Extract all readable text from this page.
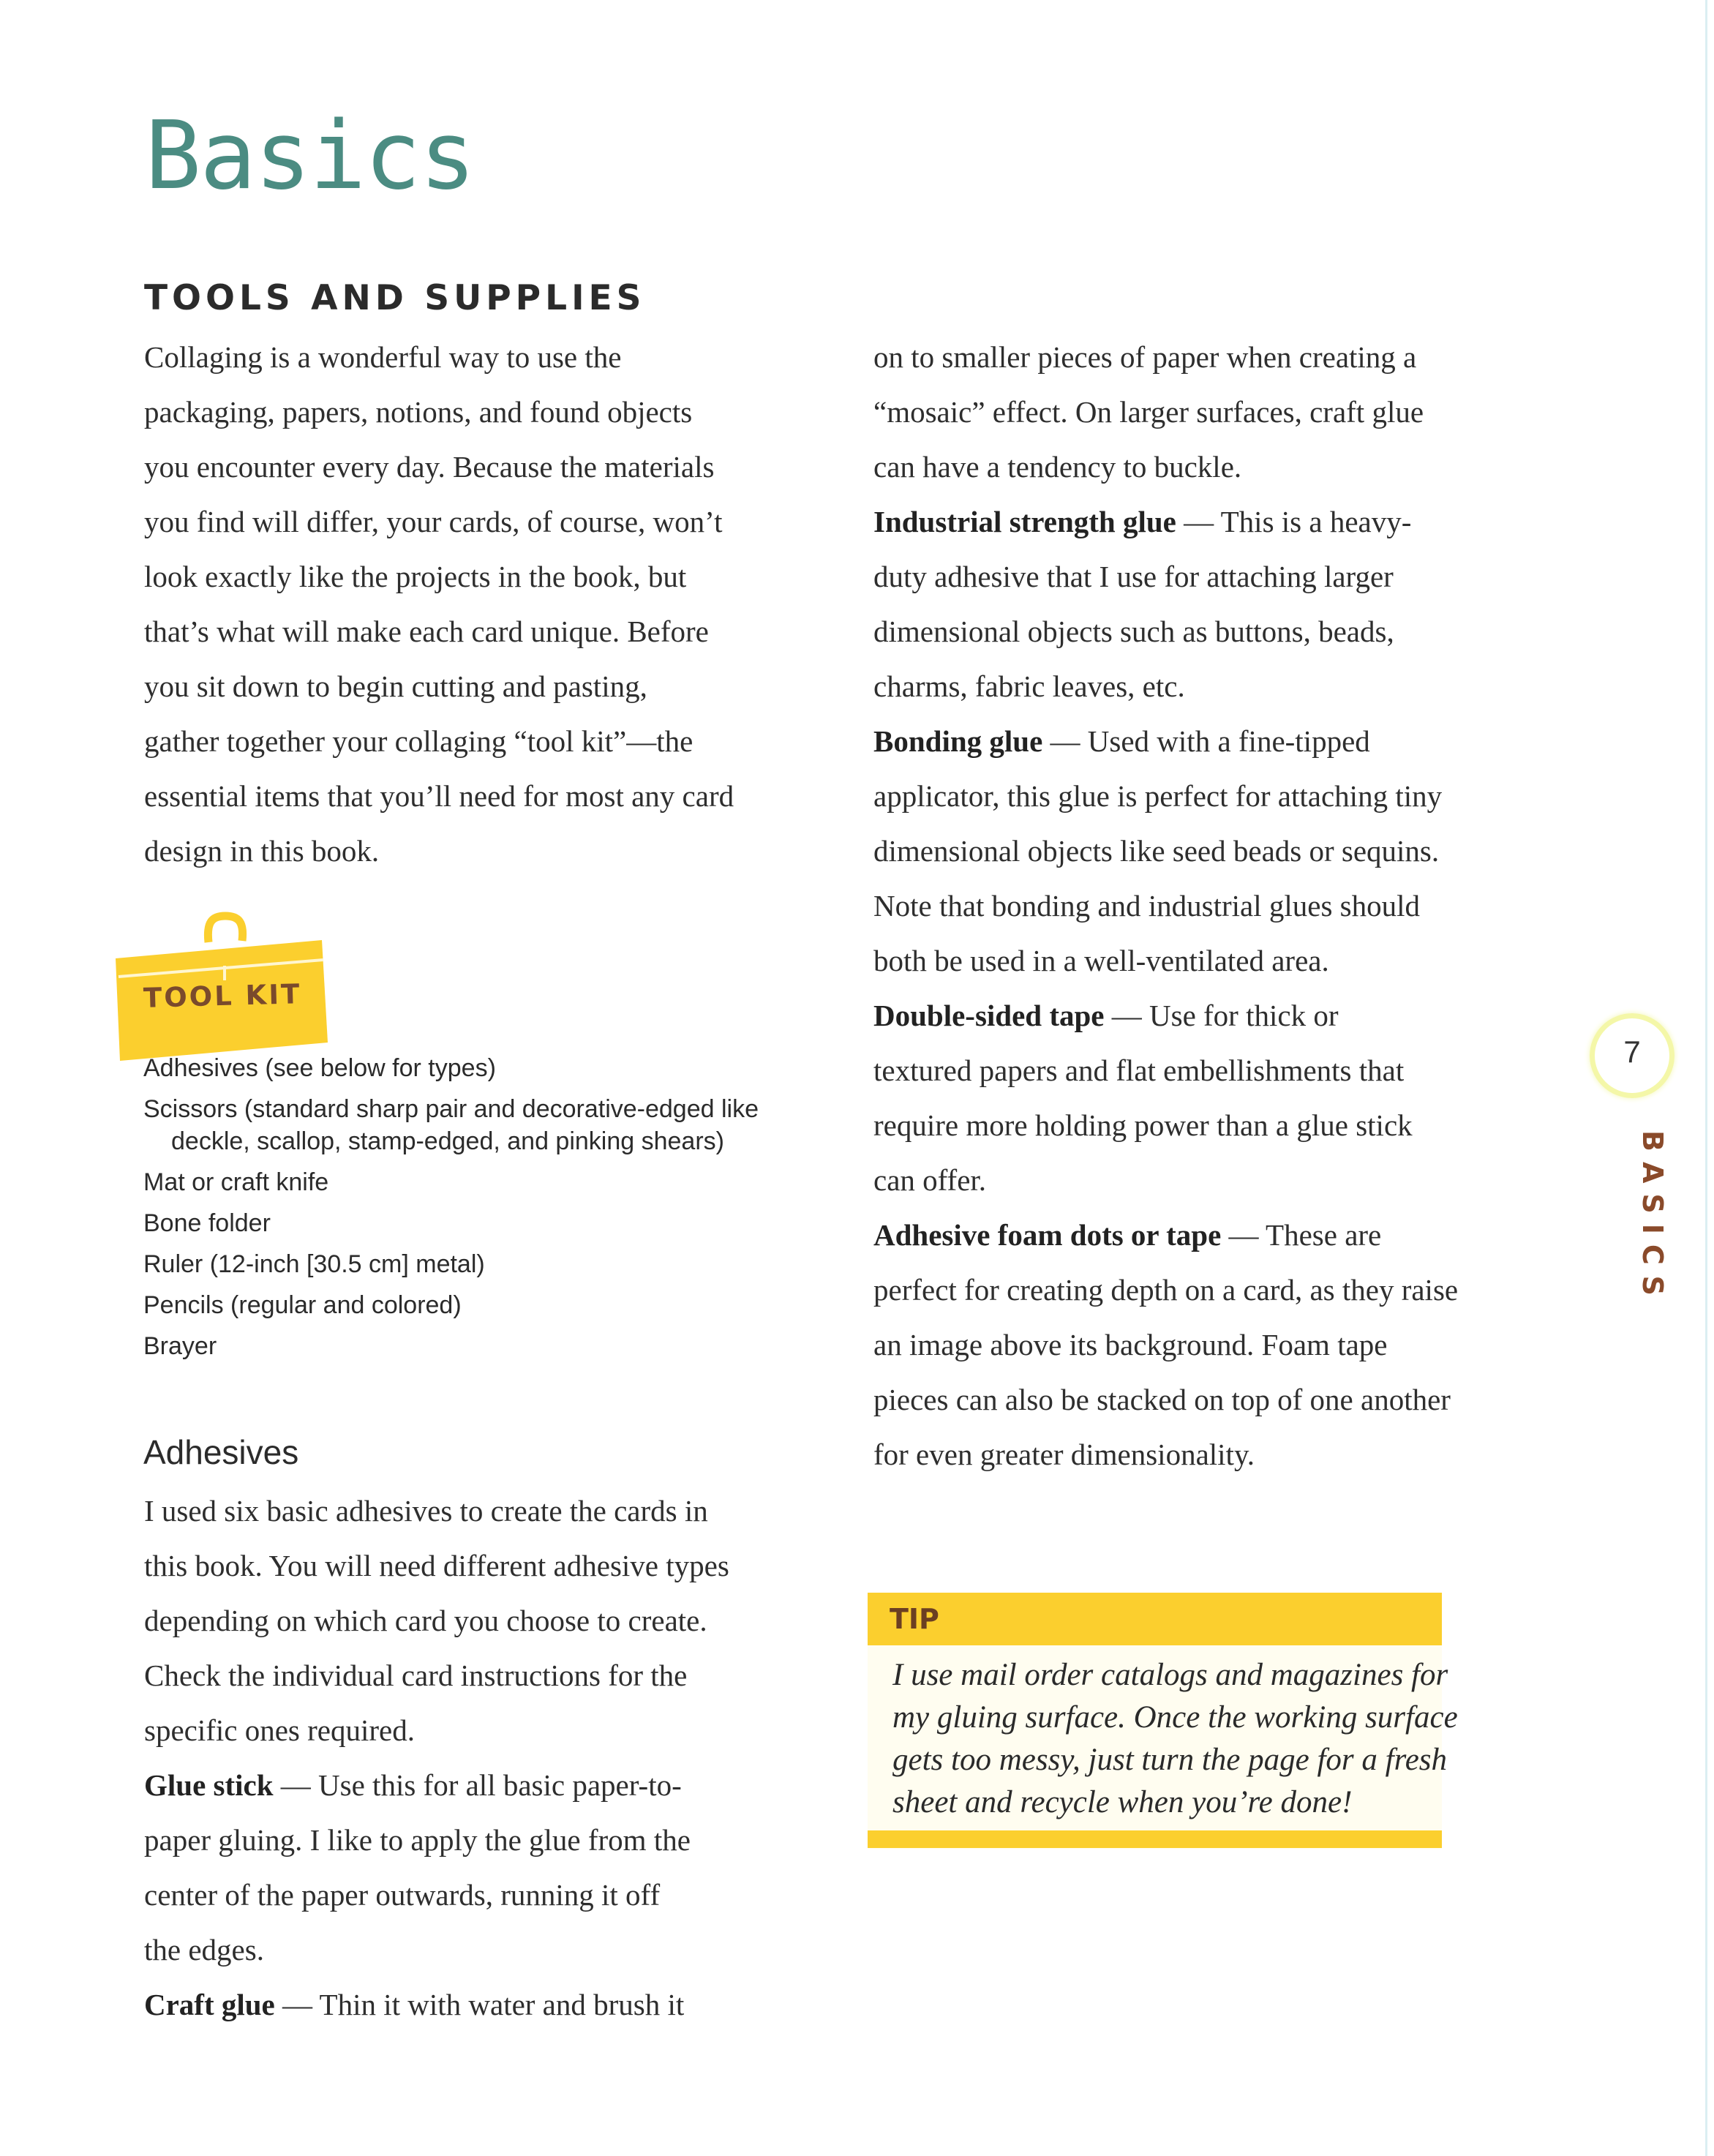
Basics
TOOLS AND SUPPLIES
Collaging is a wonderful way to use the
packaging, papers, notions, and found objects
you encounter every day. Because the materials
you find will differ, your cards, of course, won’t
look exactly like the projects in the book, but
that’s what will make each card unique. Before
you sit down to begin cutting and pasting,
gather together your collaging “tool kit”—the
essential items that you’ll need for most any card
design in this book.
TOOL KIT
Adhesives (see below for types)
Scissors (standard sharp pair and decorative-edged like
deckle, scallop, stamp-edged, and pinking shears)
Mat or craft knife
Bone folder
Ruler (12-inch [30.5 cm] metal)
Pencils (regular and colored)
Brayer
Adhesives
I used six basic adhesives to create the cards in
this book. You will need different adhesive types
depending on which card you choose to create.
Check the individual card instructions for the
specific ones required.
Glue stick — Use this for all basic paper-to-
paper gluing. I like to apply the glue from the
center of the paper outwards, running it off
the edges.
Craft glue — Thin it with water and brush it
on to smaller pieces of paper when creating a
“mosaic” effect. On larger surfaces, craft glue
can have a tendency to buckle.
Industrial strength glue — This is a heavy-
duty adhesive that I use for attaching larger
dimensional objects such as buttons, beads,
charms, fabric leaves, etc.
Bonding glue — Used with a fine-tipped
applicator, this glue is perfect for attaching tiny
dimensional objects like seed beads or sequins.
Note that bonding and industrial glues should
both be used in a well-ventilated area.
Double-sided tape — Use for thick or
textured papers and flat embellishments that
require more holding power than a glue stick
can offer.
Adhesive foam dots or tape — These are
perfect for creating depth on a card, as they raise
an image above its background. Foam tape
pieces can also be stacked on top of one another
for even greater dimensionality.
TIP
I use mail order catalogs and magazines for
my gluing surface. Once the working surface
gets too messy, just turn the page for a fresh
sheet and recycle when you’re done!
7
BASICS
